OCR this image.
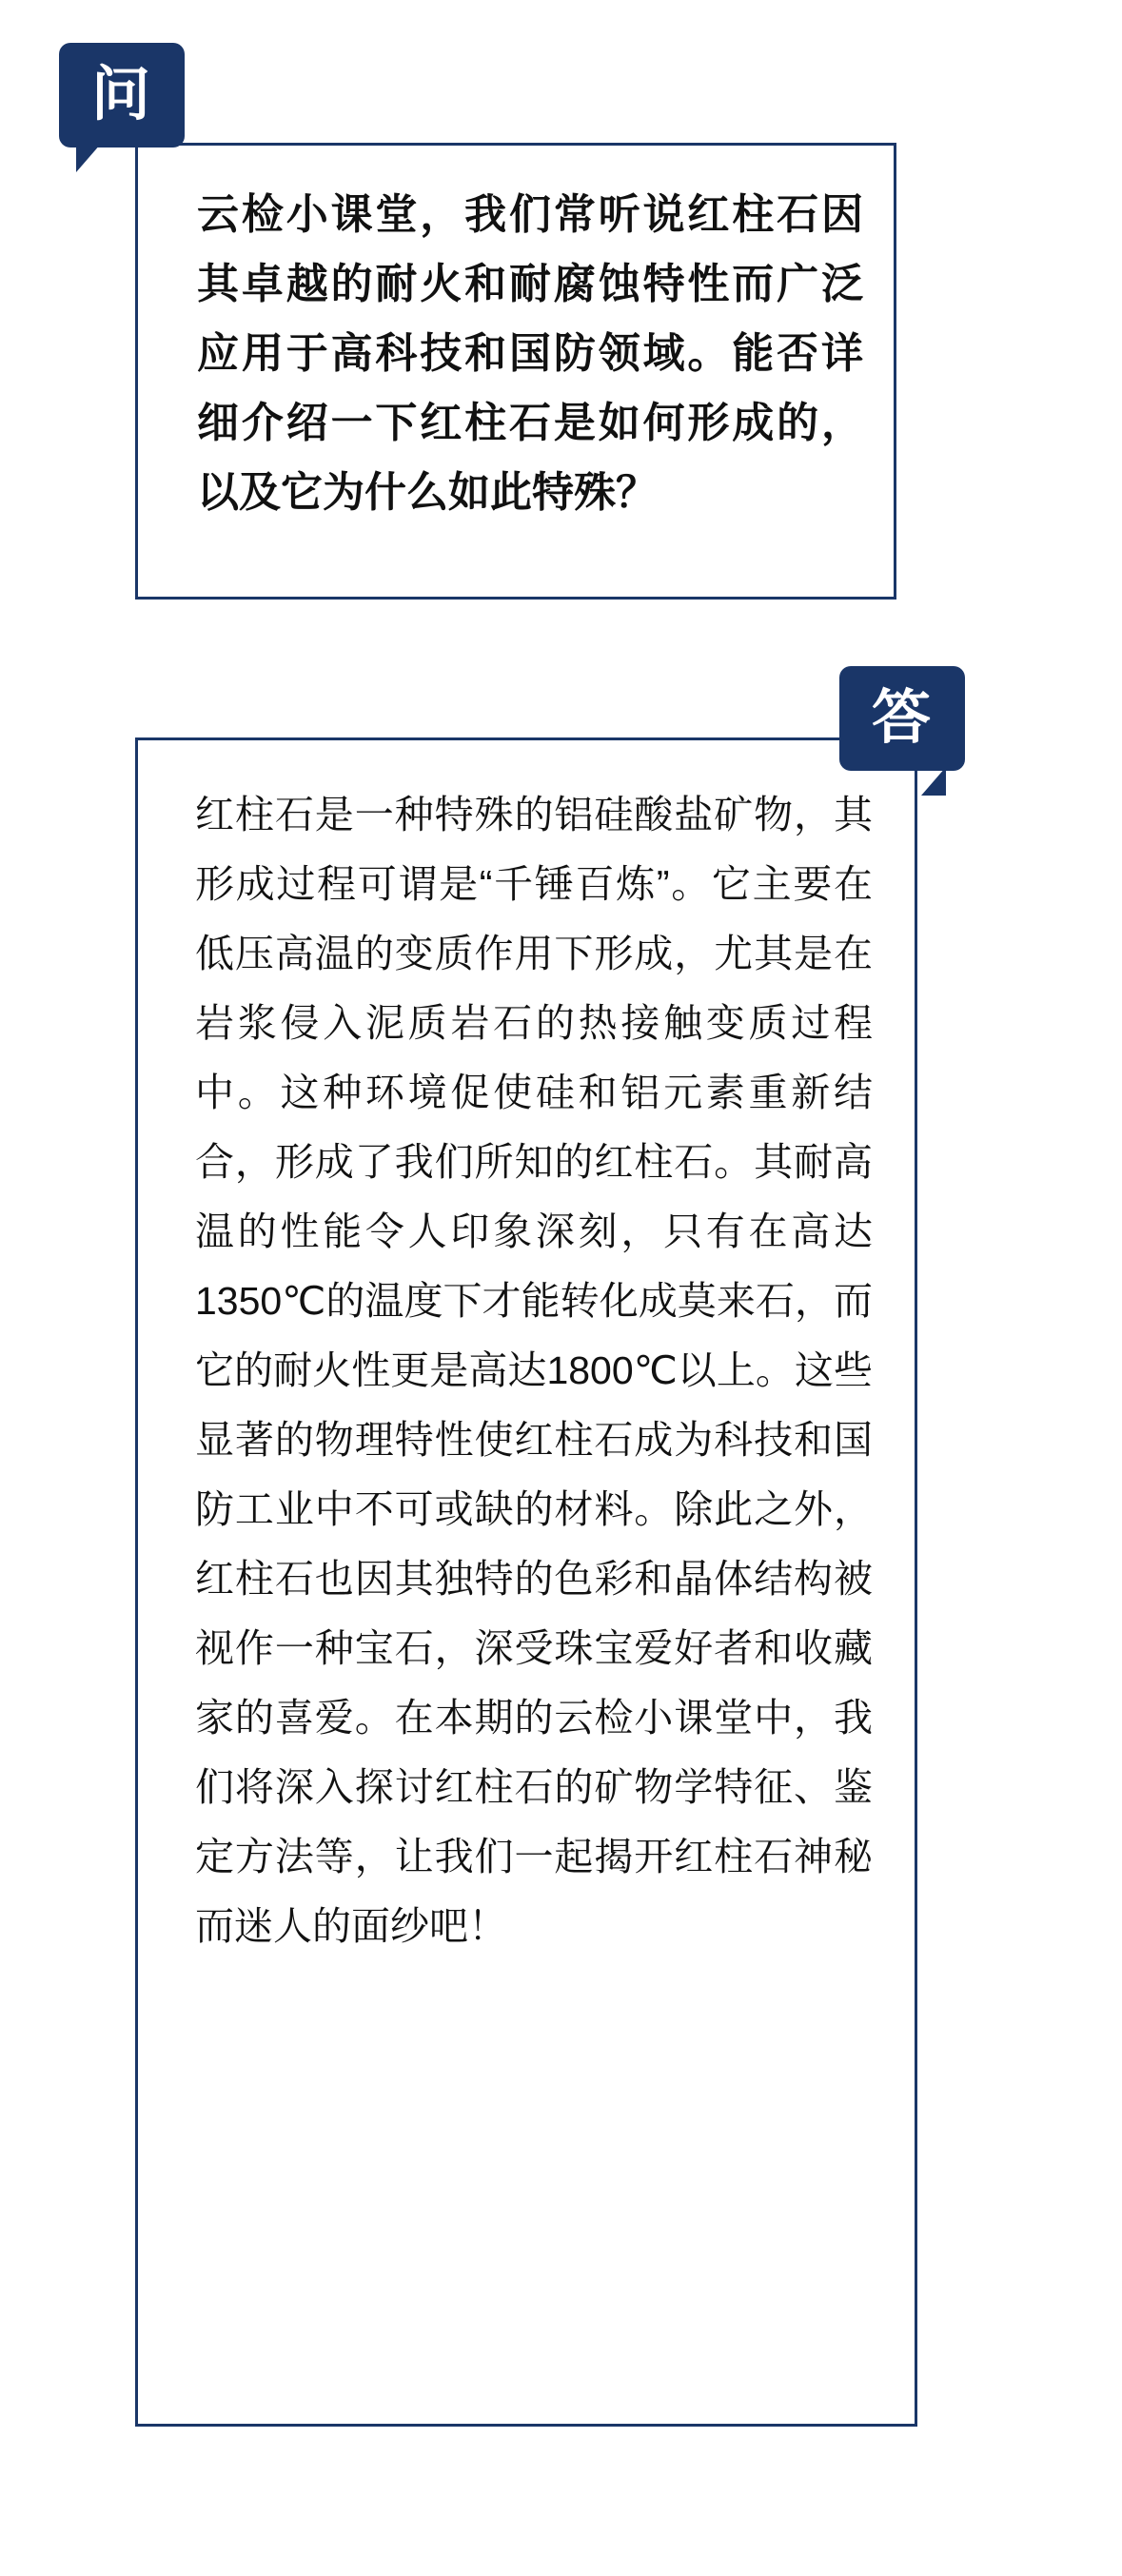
云检小课堂，我们常听说红柱石因其卓越的耐火和耐腐蚀特性而广泛应用于高科技和国防领域。能否详细介绍一下红柱石是如何形成的，以及它为什么如此特殊？
问
红柱石是一种特殊的铝硅酸盐矿物，其形成过程可谓是“千锤百炼”。它主要在低压高温的变质作用下形成，尤其是在岩浆侵入泥质岩石的热接触变质过程中。这种环境促使硅和铝元素重新结合，形成了我们所知的红柱石。其耐高温的性能令人印象深刻，只有在高达1350℃的温度下才能转化成莫来石，而它的耐火性更是高达1800℃以上。这些显著的物理特性使红柱石成为科技和国防工业中不可或缺的材料。除此之外，红柱石也因其独特的色彩和晶体结构被视作一种宝石，深受珠宝爱好者和收藏家的喜爱。在本期的云检小课堂中，我们将深入探讨红柱石的矿物学特征、鉴定方法等，让我们一起揭开红柱石神秘而迷人的面纱吧！
答
